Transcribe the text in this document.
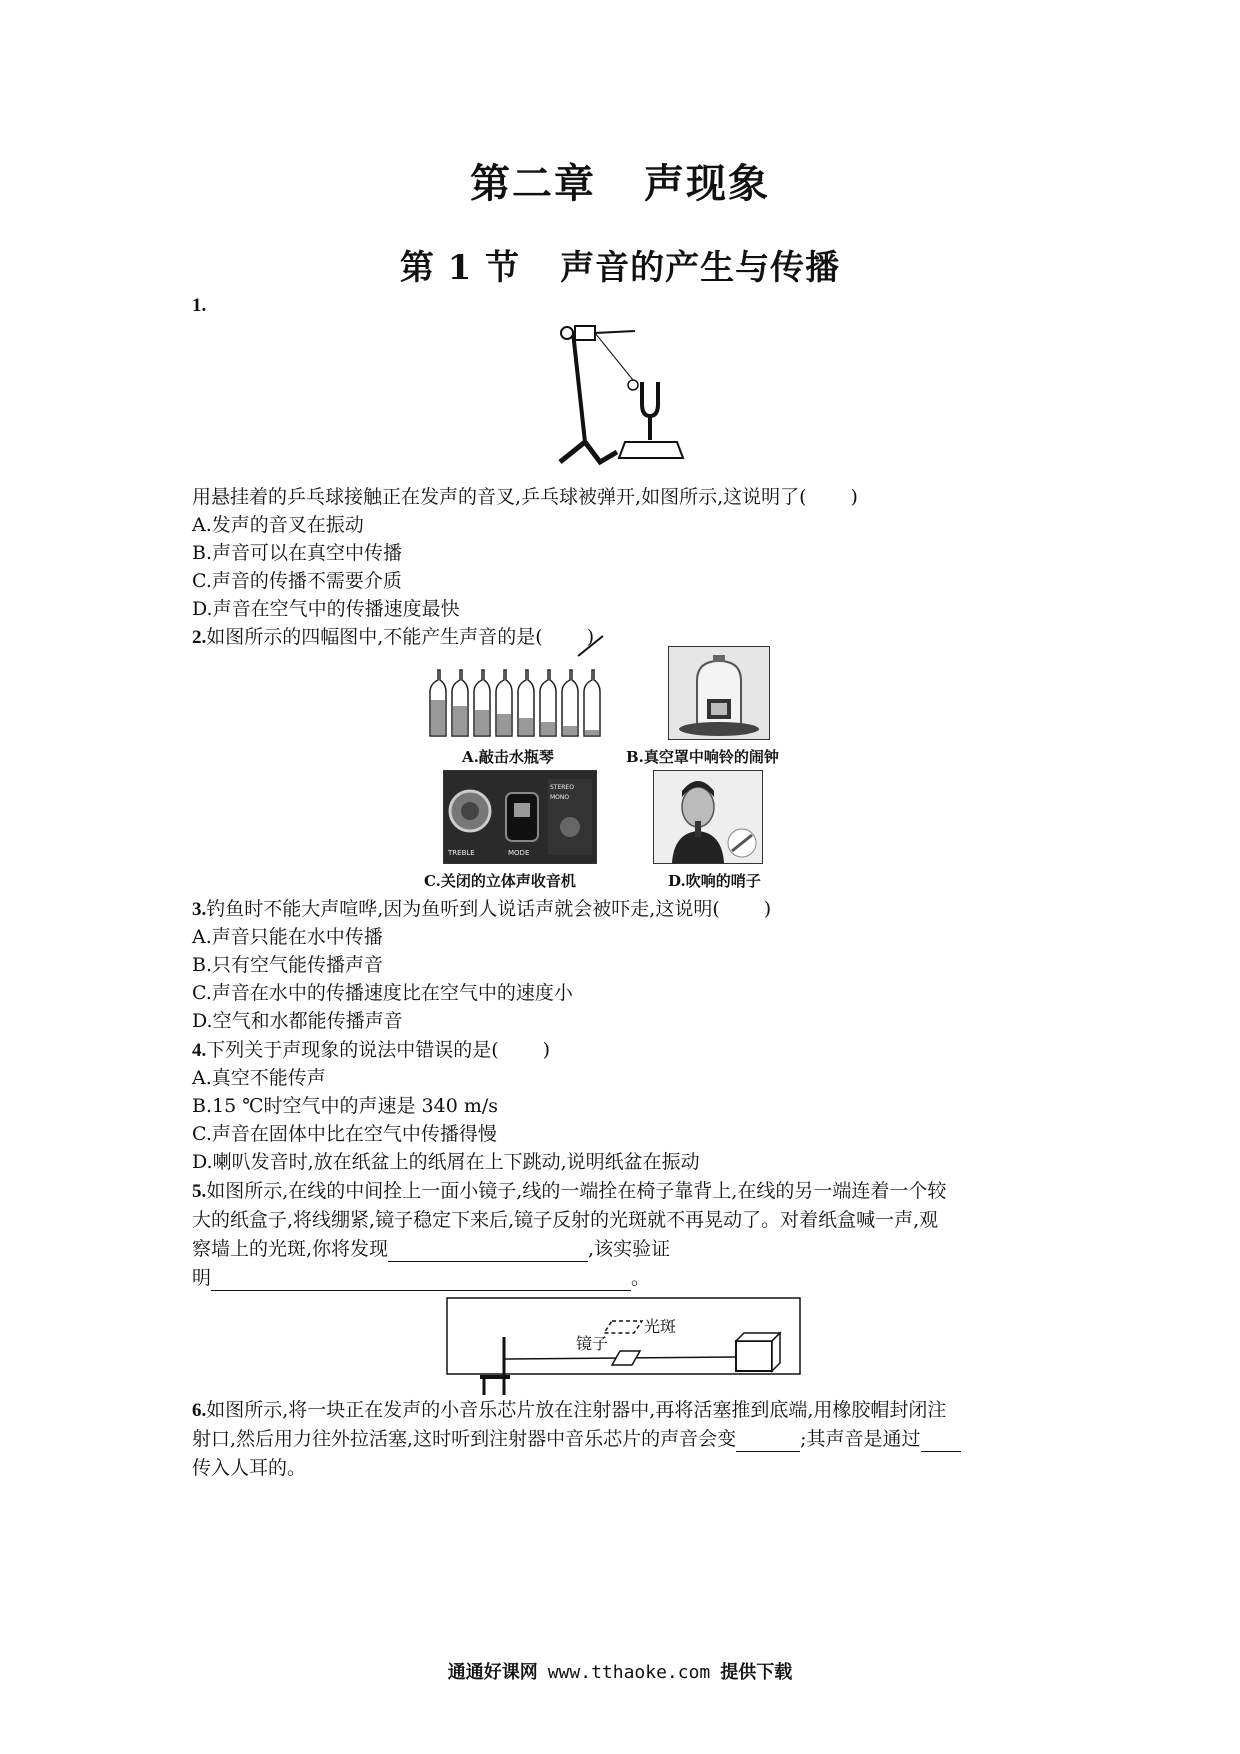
第二章 声现象
第 1 节 声音的产生与传播
1.
用悬挂着的乒乓球接触正在发声的音叉,乒乓球被弹开,如图所示,这说明了( )
A.发声的音叉在振动
B.声音可以在真空中传播
C.声音的传播不需要介质
D.声音在空气中的传播速度最快
2.如图所示的四幅图中,不能产生声音的是( )
A.敲击水瓶琴	B.真空罩中响铃的闹钟
STEREO
MONO
TREBLE	MODE
C.关闭的立体声收音机	D.吹响的哨子
3.钓鱼时不能大声喧哗,因为鱼听到人说话声就会被吓走,这说明( )
A.声音只能在水中传播
B.只有空气能传播声音
C.声音在水中的传播速度比在空气中的速度小
D.空气和水都能传播声音
4.下列关于声现象的说法中错误的是( )
A.真空不能传声
B.15 ℃时空气中的声速是 340 m/s
C.声音在固体中比在空气中传播得慢
D.喇叭发音时,放在纸盆上的纸屑在上下跳动,说明纸盆在振动
5.如图所示,在线的中间拴上一面小镜子,线的一端拴在椅子靠背上,在线的另一端连着一个较
大的纸盒子,将线绷紧,镜子稳定下来后,镜子反射的光斑就不再晃动了。对着纸盒喊一声,观
察墙上的光斑,你将发现	,该实验证
明	。
光斑
镜子
6.如图所示,将一块正在发声的小音乐芯片放在注射器中,再将活塞推到底端,用橡胶帽封闭注
射口,然后用力往外拉活塞,这时听到注射器中音乐芯片的声音会变	;其声音是通过
传入人耳的。
通通好课网 www.tthaoke.com 提供下载
